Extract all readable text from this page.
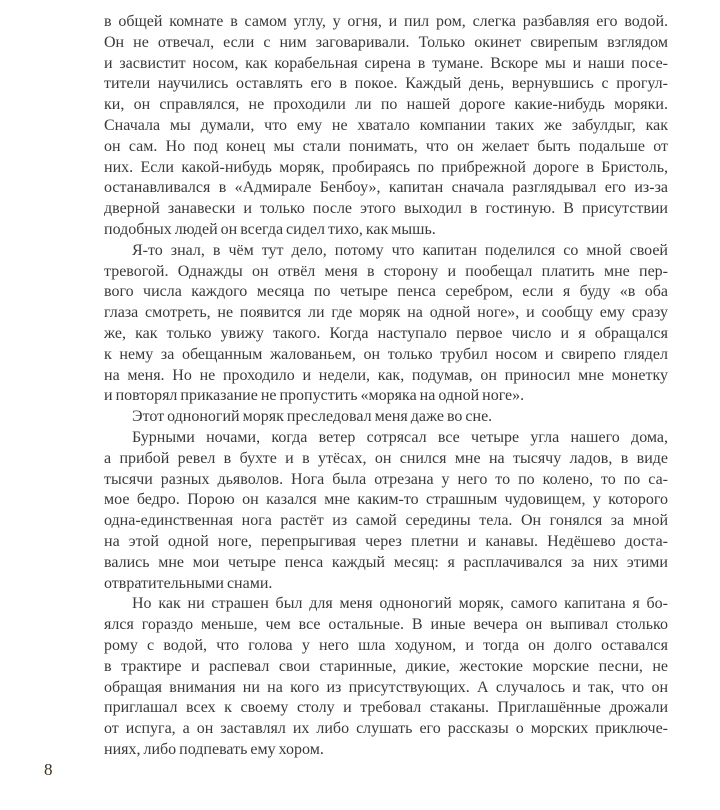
в общей комнате в самом углу, у огня, и пил ром, слегка разбавляя его водой.
Он не отвечал, если с ним заговаривали. Только окинет свирепым взглядом
и засвистит носом, как корабельная сирена в тумане. Вскоре мы и наши посе-
тители научились оставлять его в покое. Каждый день, вернувшись с прогул-
ки, он справлялся, не проходили ли по нашей дороге какие-нибудь моряки.
Сначала мы думали, что ему не хватало компании таких же забулдыг, как
он сам. Но под конец мы стали понимать, что он желает быть подальше от
них. Если какой-нибудь моряк, пробираясь по прибрежной дороге в Бристоль,
останавливался в «Адмирале Бенбоу», капитан сначала разглядывал его из-за
дверной занавески и только после этого выходил в гостиную. В присутствии
подобных людей он всегда сидел тихо, как мышь.
Я-то знал, в чём тут дело, потому что капитан поделился со мной своей
тревогой. Однажды он отвёл меня в сторону и пообещал платить мне пер-
вого числа каждого месяца по четыре пенса серебром, если я буду «в оба
глаза смотреть, не появится ли где моряк на одной ноге», и сообщу ему сразу
же, как только увижу такого. Когда наступало первое число и я обращался
к нему за обещанным жалованьем, он только трубил носом и свирепо глядел
на меня. Но не проходило и недели, как, подумав, он приносил мне монетку
и повторял приказание не пропустить «моряка на одной ноге».
Этот одноногий моряк преследовал меня даже во сне.
Бурными ночами, когда ветер сотрясал все четыре угла нашего дома,
а прибой ревел в бухте и в утёсах, он снился мне на тысячу ладов, в виде
тысячи разных дьяволов. Нога была отрезана у него то по колено, то по са-
мое бедро. Порою он казался мне каким-то страшным чудовищем, у которого
одна-единственная нога растёт из самой середины тела. Он гонялся за мной
на этой одной ноге, перепрыгивая через плетни и канавы. Недёшево доста-
вались мне мои четыре пенса каждый месяц: я расплачивался за них этими
отвратительными снами.
Но как ни страшен был для меня одноногий моряк, самого капитана я бо-
ялся гораздо меньше, чем все остальные. В иные вечера он выпивал столько
рому с водой, что голова у него шла ходуном, и тогда он долго оставался
в трактире и распевал свои старинные, дикие, жестокие морские песни, не
обращая внимания ни на кого из присутствующих. А случалось и так, что он
приглашал всех к своему столу и требовал стаканы. Приглашённые дрожали
от испуга, а он заставлял их либо слушать его рассказы о морских приключе-
ниях, либо подпевать ему хором.
8
